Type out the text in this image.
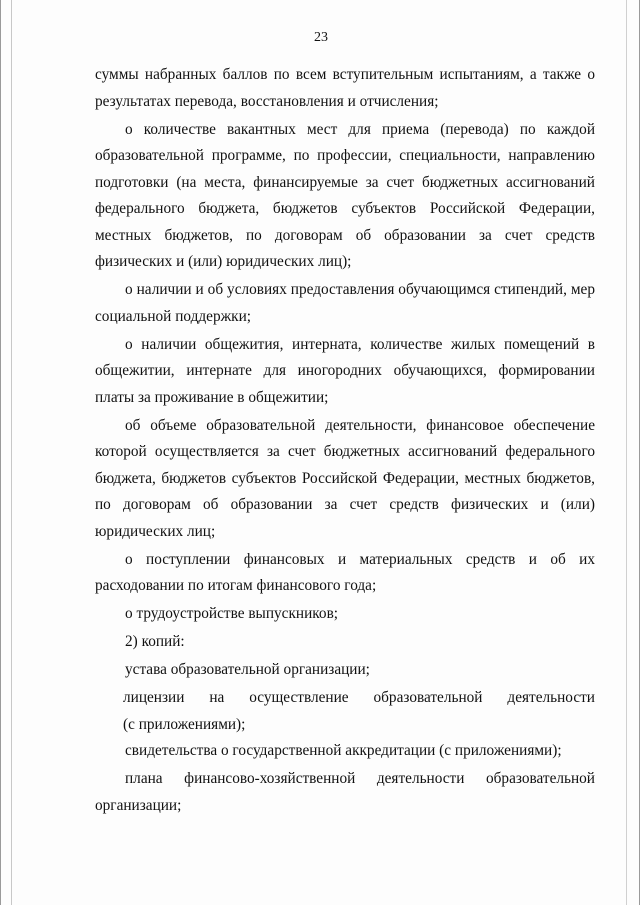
23

суммы набранных баллов по всем вступительным испытаниям, а также о результатах перевода, восстановления и отчисления;

о количестве вакантных мест для приема (перевода) по каждой образовательной программе, по профессии, специальности, направлению подготовки (на места, финансируемые за счет бюджетных ассигнований федерального бюджета, бюджетов субъектов Российской Федерации, местных бюджетов, по договорам об образовании за счет средств физических и (или) юридических лиц);

о наличии и об условиях предоставления обучающимся стипендий, мер социальной поддержки;

о наличии общежития, интерната, количестве жилых помещений в общежитии, интернате для иногородних обучающихся, формировании платы за проживание в общежитии;

об объеме образовательной деятельности, финансовое обеспечение которой осуществляется за счет бюджетных ассигнований федерального бюджета, бюджетов субъектов Российской Федерации, местных бюджетов, по договорам об образовании за счет средств физических и (или) юридических лиц;

о поступлении финансовых и материальных средств и об их расходовании по итогам финансового года;

о трудоустройстве выпускников;

2) копий:

устава образовательной организации;

лицензии на осуществление образовательной деятельности
(с приложениями);

свидетельства о государственной аккредитации (с приложениями);

плана финансово-хозяйственной деятельности образовательной
организации;
